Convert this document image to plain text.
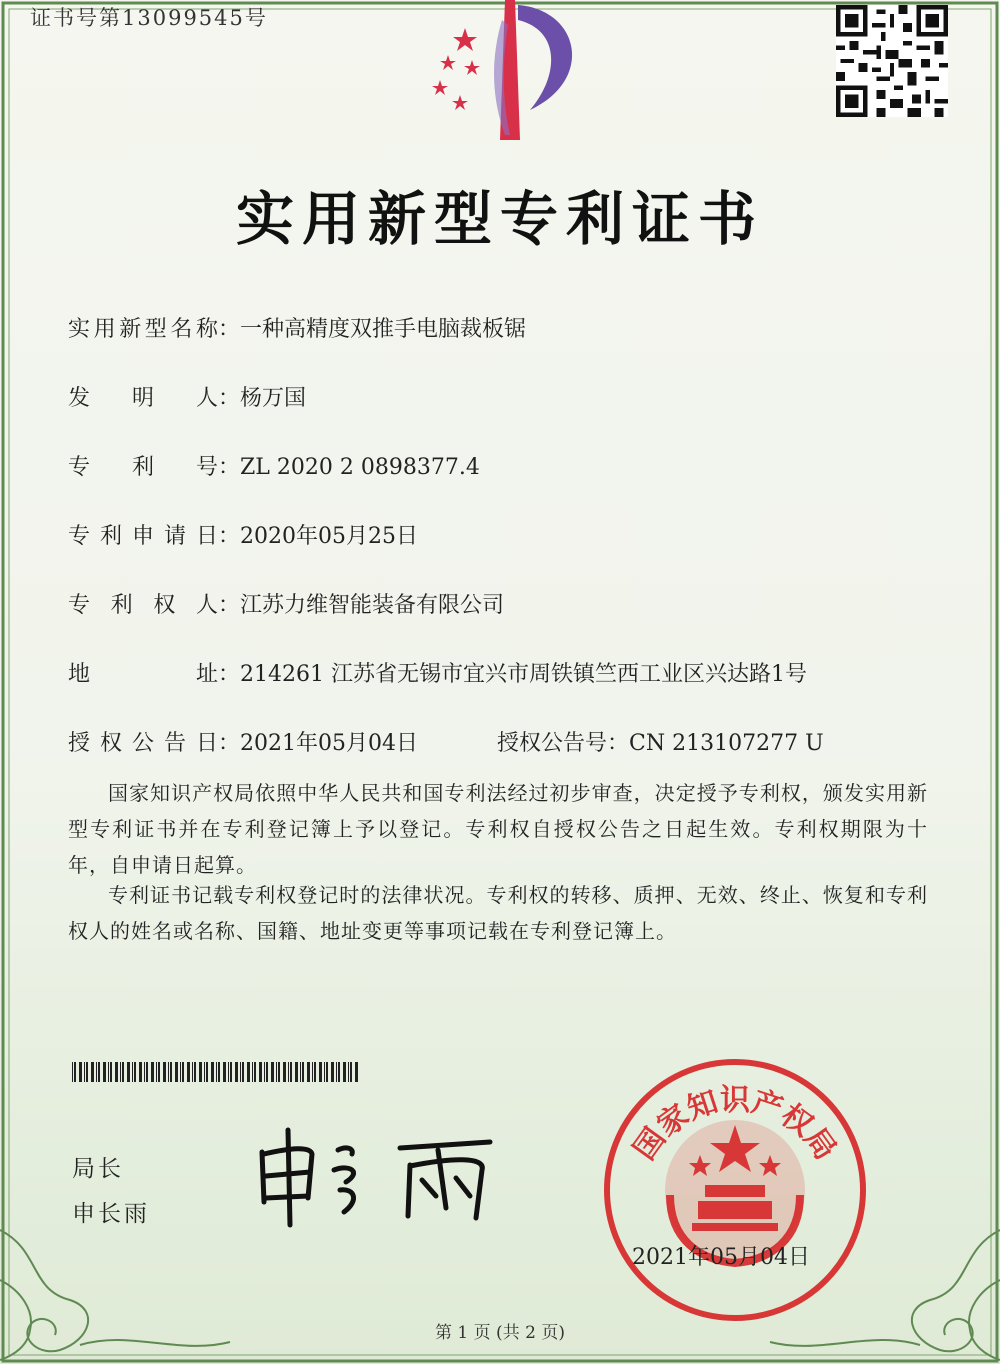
证书号第13099545号
实用新型专利证书
实用新型名称：一种高精度双推手电脑裁板锯
发明人：杨万国
专利号：ZL 2020 2 0898377.4
专利申请日：2020年05月25日
专利权人：江苏力维智能装备有限公司
地址：214261 江苏省无锡市宜兴市周铁镇竺西工业区兴达路1号
授权公告日：2021年05月04日	授权公告号：CN 213107277 U
国家知识产权局依照中华人民共和国专利法经过初步审查，决定授予专利权，颁发实用新型专利证书并在专利登记簿上予以登记。专利权自授权公告之日起生效。专利权期限为十年，自申请日起算。
专利证书记载专利权登记时的法律状况。专利权的转移、质押、无效、终止、恢复和专利权人的姓名或名称、国籍、地址变更等事项记载在专利登记簿上。
局长
申长雨
国家知识产权局
2021年05月04日
第 1 页 (共 2 页)
